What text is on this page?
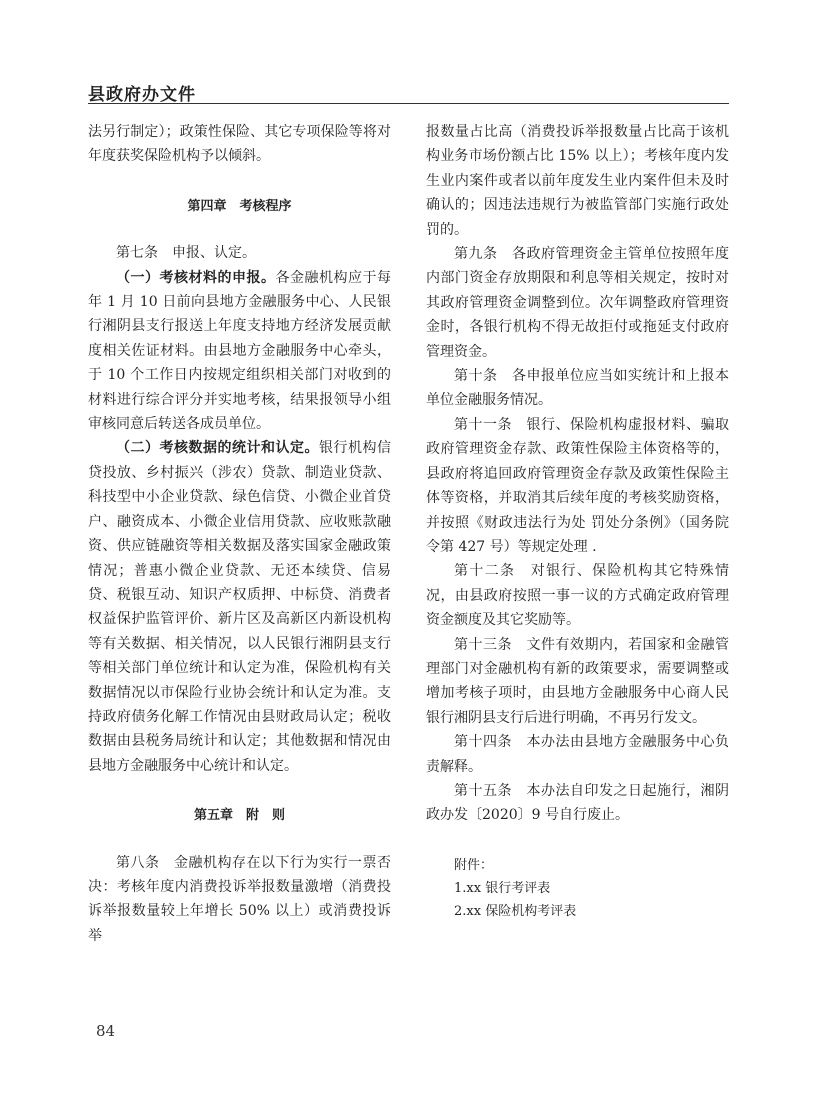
县政府办文件

法另行制定）；政策性保险、其它专项保险等将对年度获奖保险机构予以倾斜。

第四章　考核程序

第七条　申报、认定。

（一）考核材料的申报。各金融机构应于每年 1 月 10 日前向县地方金融服务中心、人民银行湘阴县支行报送上年度支持地方经济发展贡献度相关佐证材料。由县地方金融服务中心牵头，于 10 个工作日内按规定组织相关部门对收到的材料进行综合评分并实地考核，结果报领导小组审核同意后转送各成员单位。

（二）考核数据的统计和认定。银行机构信贷投放、乡村振兴（涉农）贷款、制造业贷款、科技型中小企业贷款、绿色信贷、小微企业首贷户、融资成本、小微企业信用贷款、应收账款融资、供应链融资等相关数据及落实国家金融政策情况；普惠小微企业贷款、无还本续贷、信易贷、税银互动、知识产权质押、中标贷、消费者权益保护监管评价、新片区及高新区内新设机构等有关数据、相关情况，以人民银行湘阴县支行等相关部门单位统计和认定为准，保险机构有关数据情况以市保险行业协会统计和认定为准。支持政府债务化解工作情况由县财政局认定；税收数据由县税务局统计和认定；其他数据和情况由县地方金融服务中心统计和认定。

第五章　附　则

第八条　金融机构存在以下行为实行一票否决：考核年度内消费投诉举报数量激增（消费投诉举报数量较上年增长 50% 以上）或消费投诉举

报数量占比高（消费投诉举报数量占比高于该机构业务市场份额占比 15% 以上）；考核年度内发生业内案件或者以前年度发生业内案件但未及时确认的；因违法违规行为被监管部门实施行政处罚的。

第九条　各政府管理资金主管单位按照年度内部门资金存放期限和利息等相关规定，按时对其政府管理资金调整到位。次年调整政府管理资金时，各银行机构不得无故拒付或拖延支付政府管理资金。

第十条　各申报单位应当如实统计和上报本单位金融服务情况。

第十一条　银行、保险机构虚报材料、骗取政府管理资金存款、政策性保险主体资格等的，县政府将追回政府管理资金存款及政策性保险主体等资格，并取消其后续年度的考核奖励资格，并按照《财政违法行为处 罚处分条例》（国务院令第 427 号）等规定处理 .

第十二条　对银行、保险机构其它特殊情况，由县政府按照一事一议的方式确定政府管理资金额度及其它奖励等。

第十三条　文件有效期内，若国家和金融管理部门对金融机构有新的政策要求，需要调整或增加考核子项时，由县地方金融服务中心商人民银行湘阴县支行后进行明确，不再另行发文。

第十四条　本办法由县地方金融服务中心负责解释。

第十五条　本办法自印发之日起施行，湘阴政办发〔2020〕9 号自行废止。

附件：
1.xx 银行考评表
2.xx 保险机构考评表
84
